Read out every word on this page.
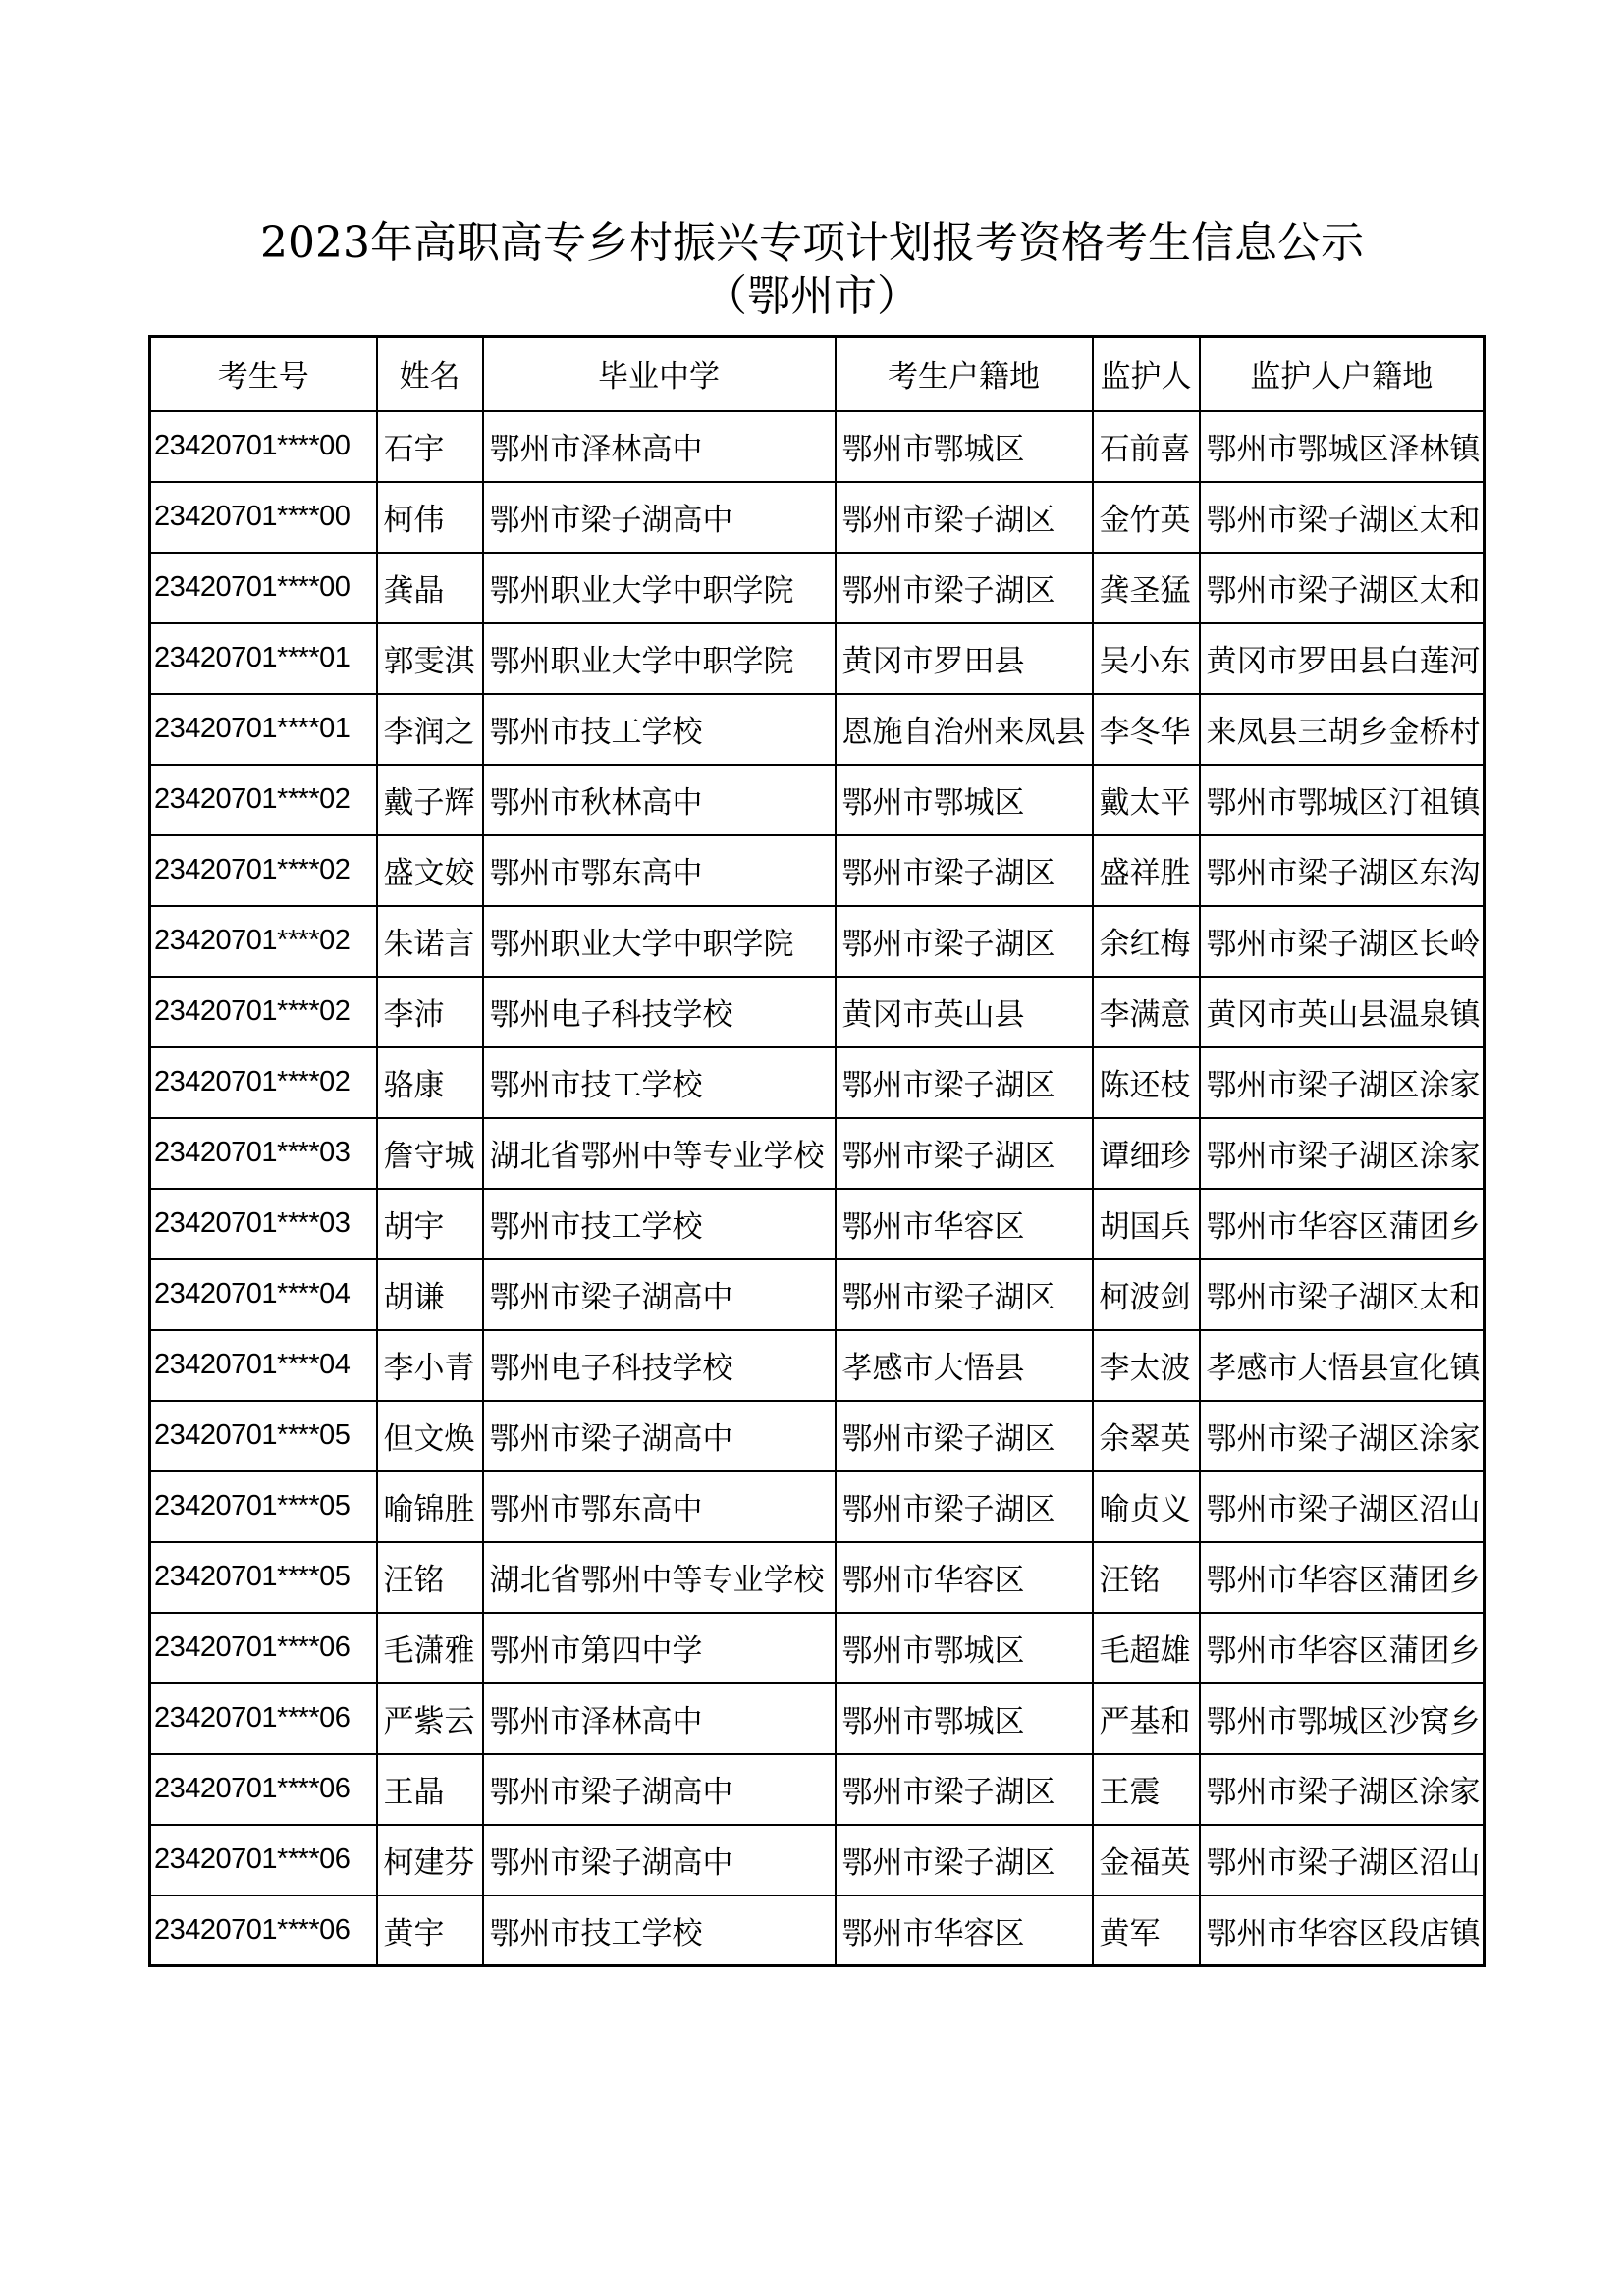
2023年高职高专乡村振兴专项计划报考资格考生信息公示
（鄂州市）
考生号	姓名	毕业中学	考生户籍地	监护人	监护人户籍地
23420701****00	石宇	鄂州市泽林高中	鄂州市鄂城区	石前喜	鄂州市鄂城区泽林镇
23420701****00	柯伟	鄂州市梁子湖高中	鄂州市梁子湖区	金竹英	鄂州市梁子湖区太和
23420701****00	龚晶	鄂州职业大学中职学院	鄂州市梁子湖区	龚圣猛	鄂州市梁子湖区太和
23420701****01	郭雯淇	鄂州职业大学中职学院	黄冈市罗田县	吴小东	黄冈市罗田县白莲河
23420701****01	李润之	鄂州市技工学校	恩施自治州来凤县	李冬华	来凤县三胡乡金桥村
23420701****02	戴子辉	鄂州市秋林高中	鄂州市鄂城区	戴太平	鄂州市鄂城区汀祖镇
23420701****02	盛文姣	鄂州市鄂东高中	鄂州市梁子湖区	盛祥胜	鄂州市梁子湖区东沟
23420701****02	朱诺言	鄂州职业大学中职学院	鄂州市梁子湖区	余红梅	鄂州市梁子湖区长岭
23420701****02	李沛	鄂州电子科技学校	黄冈市英山县	李满意	黄冈市英山县温泉镇
23420701****02	骆康	鄂州市技工学校	鄂州市梁子湖区	陈还枝	鄂州市梁子湖区涂家
23420701****03	詹守城	湖北省鄂州中等专业学校	鄂州市梁子湖区	谭细珍	鄂州市梁子湖区涂家
23420701****03	胡宇	鄂州市技工学校	鄂州市华容区	胡国兵	鄂州市华容区蒲团乡
23420701****04	胡谦	鄂州市梁子湖高中	鄂州市梁子湖区	柯波剑	鄂州市梁子湖区太和
23420701****04	李小青	鄂州电子科技学校	孝感市大悟县	李太波	孝感市大悟县宣化镇
23420701****05	但文焕	鄂州市梁子湖高中	鄂州市梁子湖区	余翠英	鄂州市梁子湖区涂家
23420701****05	喻锦胜	鄂州市鄂东高中	鄂州市梁子湖区	喻贞义	鄂州市梁子湖区沼山
23420701****05	汪铭	湖北省鄂州中等专业学校	鄂州市华容区	汪铭	鄂州市华容区蒲团乡
23420701****06	毛潇雅	鄂州市第四中学	鄂州市鄂城区	毛超雄	鄂州市华容区蒲团乡
23420701****06	严紫云	鄂州市泽林高中	鄂州市鄂城区	严基和	鄂州市鄂城区沙窝乡
23420701****06	王晶	鄂州市梁子湖高中	鄂州市梁子湖区	王震	鄂州市梁子湖区涂家
23420701****06	柯建芬	鄂州市梁子湖高中	鄂州市梁子湖区	金福英	鄂州市梁子湖区沼山
23420701****06	黄宇	鄂州市技工学校	鄂州市华容区	黄军	鄂州市华容区段店镇
